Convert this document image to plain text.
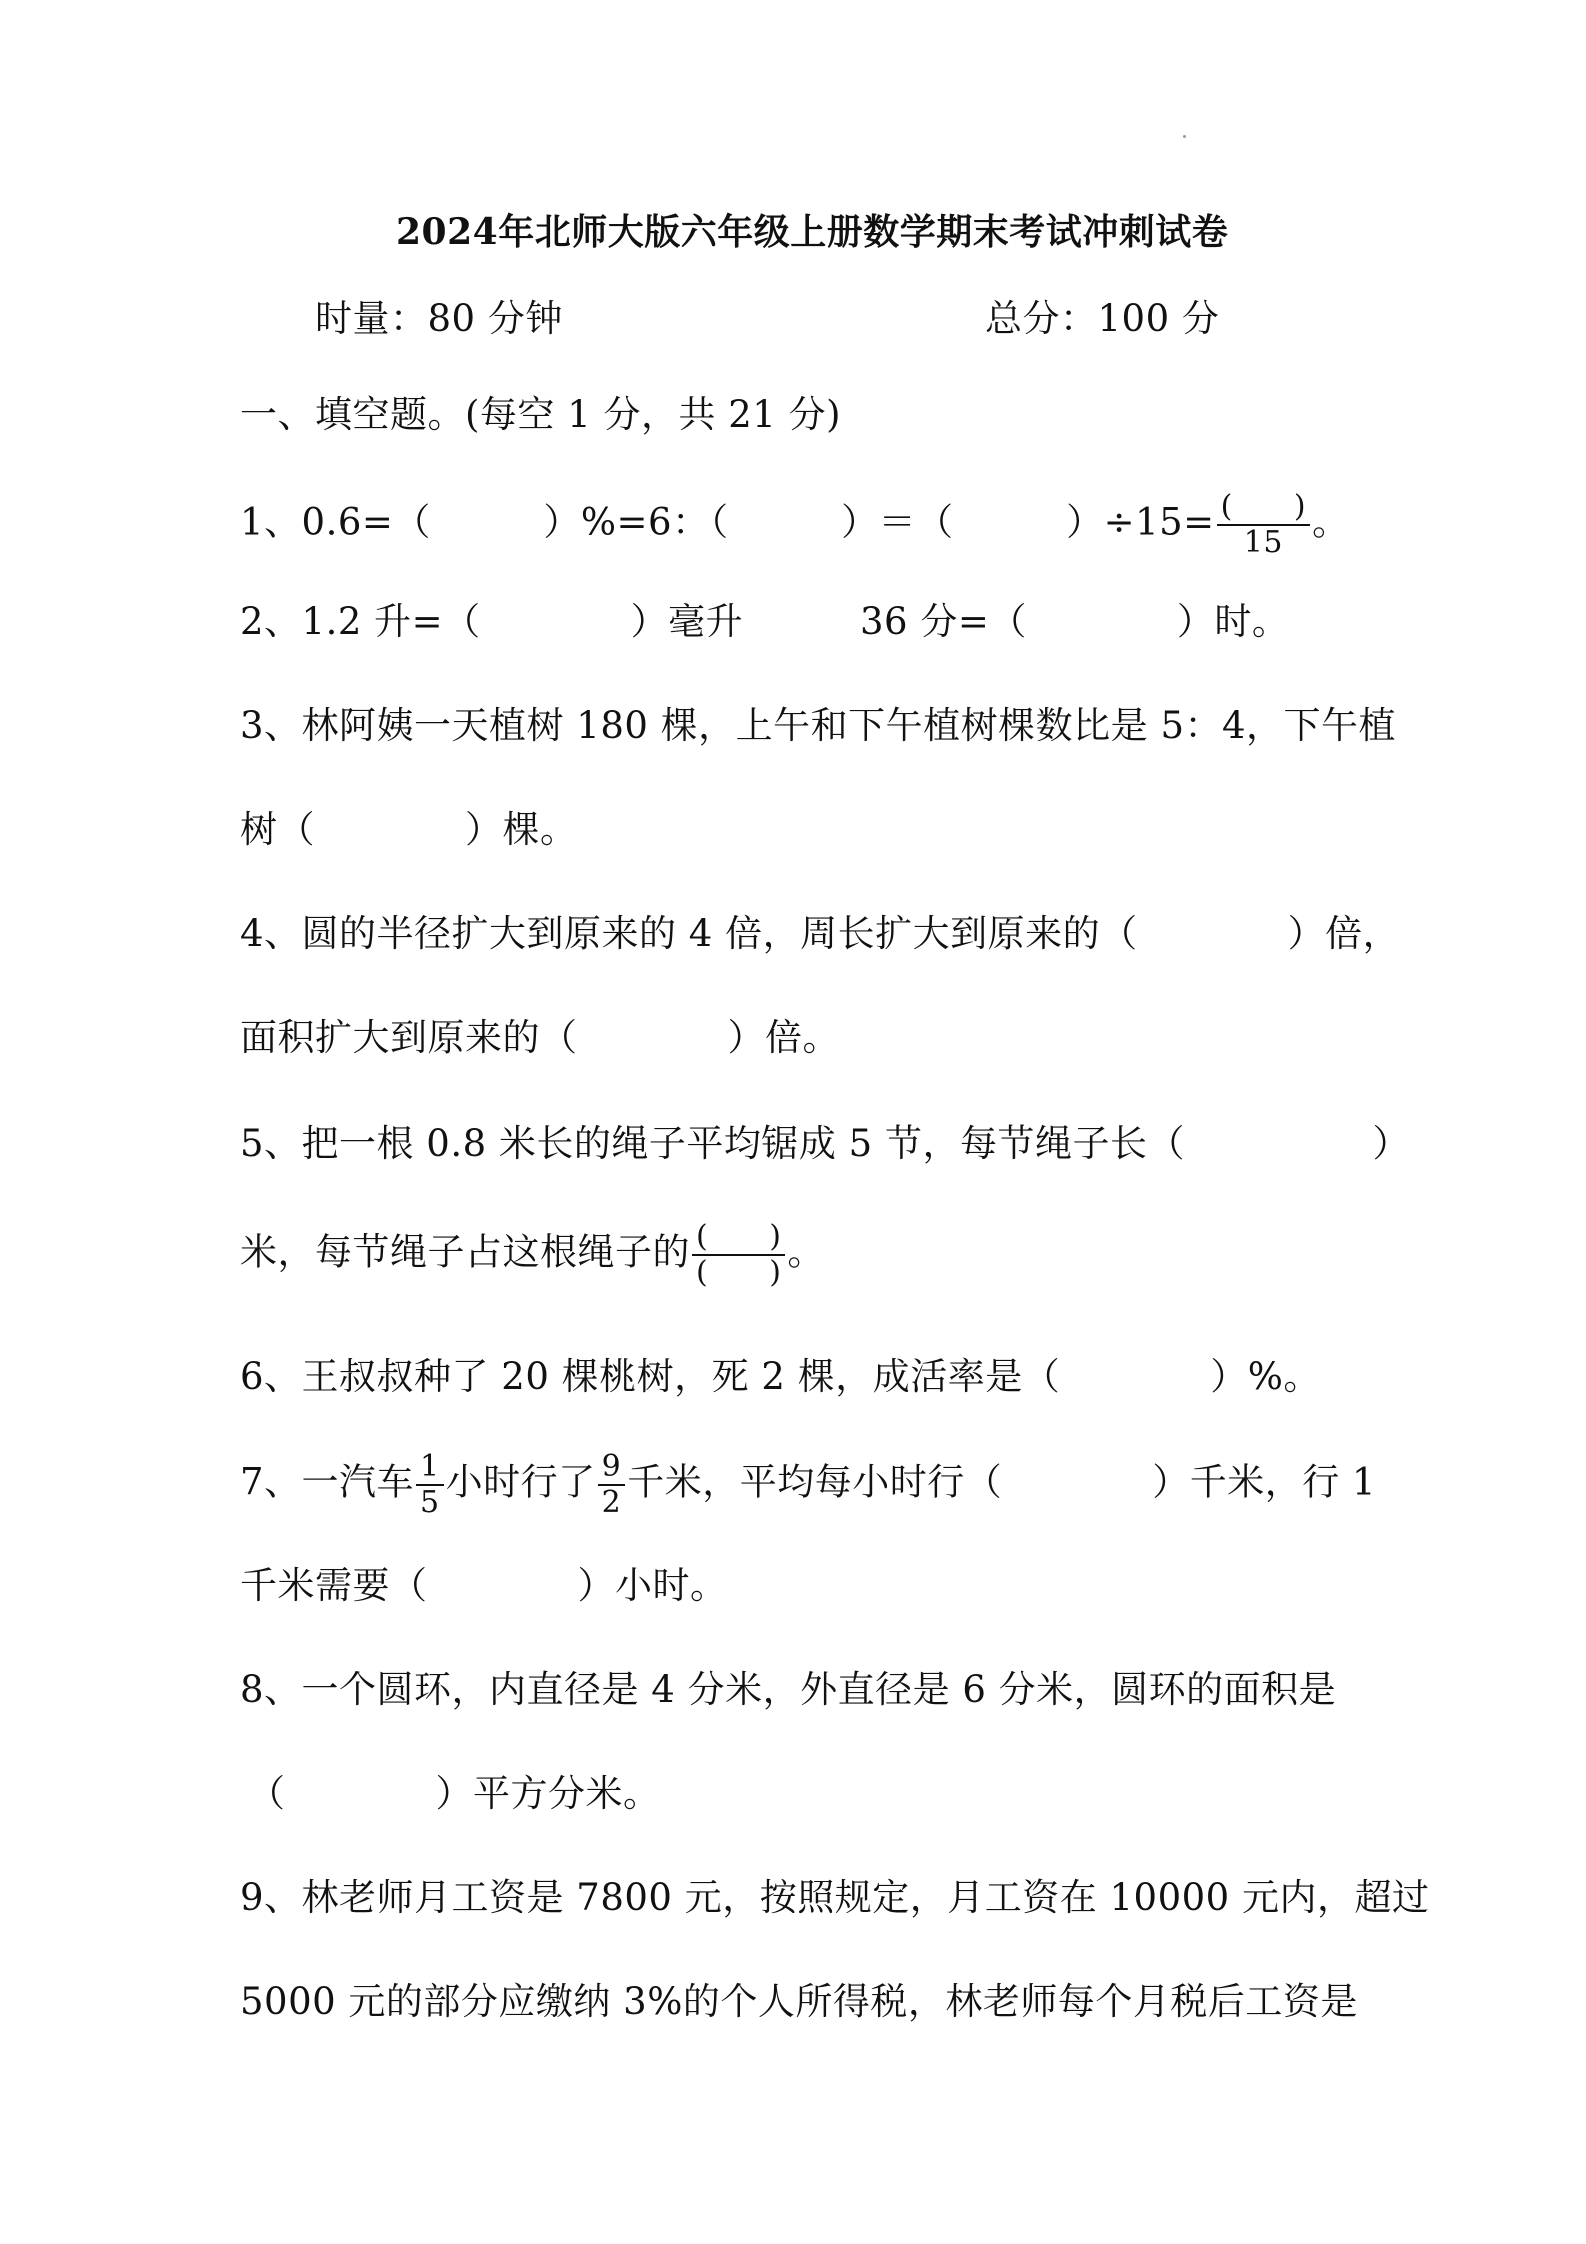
2024年北师大版六年级上册数学期末考试冲刺试卷
时量：80 分钟	总分：100 分
一、填空题。(每空 1 分，共 21 分)
1、0.6=（　　　）%=6：（　　　）＝（　　　）$\div 15= \frac{( )}{15}$ 。
2、1.2 升=（　　　　）毫升	36 分=（　　　　）时。
3、林阿姨一天植树 180 棵，上午和下午植树棵数比是 5：4，下午植
树（　　　　）棵。
4、圆的半径扩大到原来的 4 倍，周长扩大到原来的（　　　　）倍，
面积扩大到原来的（　　　　）倍。
5、把一根 0.8 米长的绳子平均锯成 5 节，每节绳子长（　　　　　）
米，每节绳子占这根绳子的 $\frac{( )}{( )}$ 。
6、王叔叔种了 20 棵桃树，死 2 棵，成活率是（　　　　）%。
7、一汽车 $\frac{1}{5}$ 小时行了 $\frac{9}{2}$ 千米，平均每小时行（　　　　）千米，行 1
千米需要（　　　　）小时。
8、一个圆环，内直径是 4 分米，外直径是 6 分米，圆环的面积是
（　　　　）平方分米。
9、林老师月工资是 7800 元，按照规定，月工资在 10000 元内，超过
5000 元的部分应缴纳 3%的个人所得税，林老师每个月税后工资是
